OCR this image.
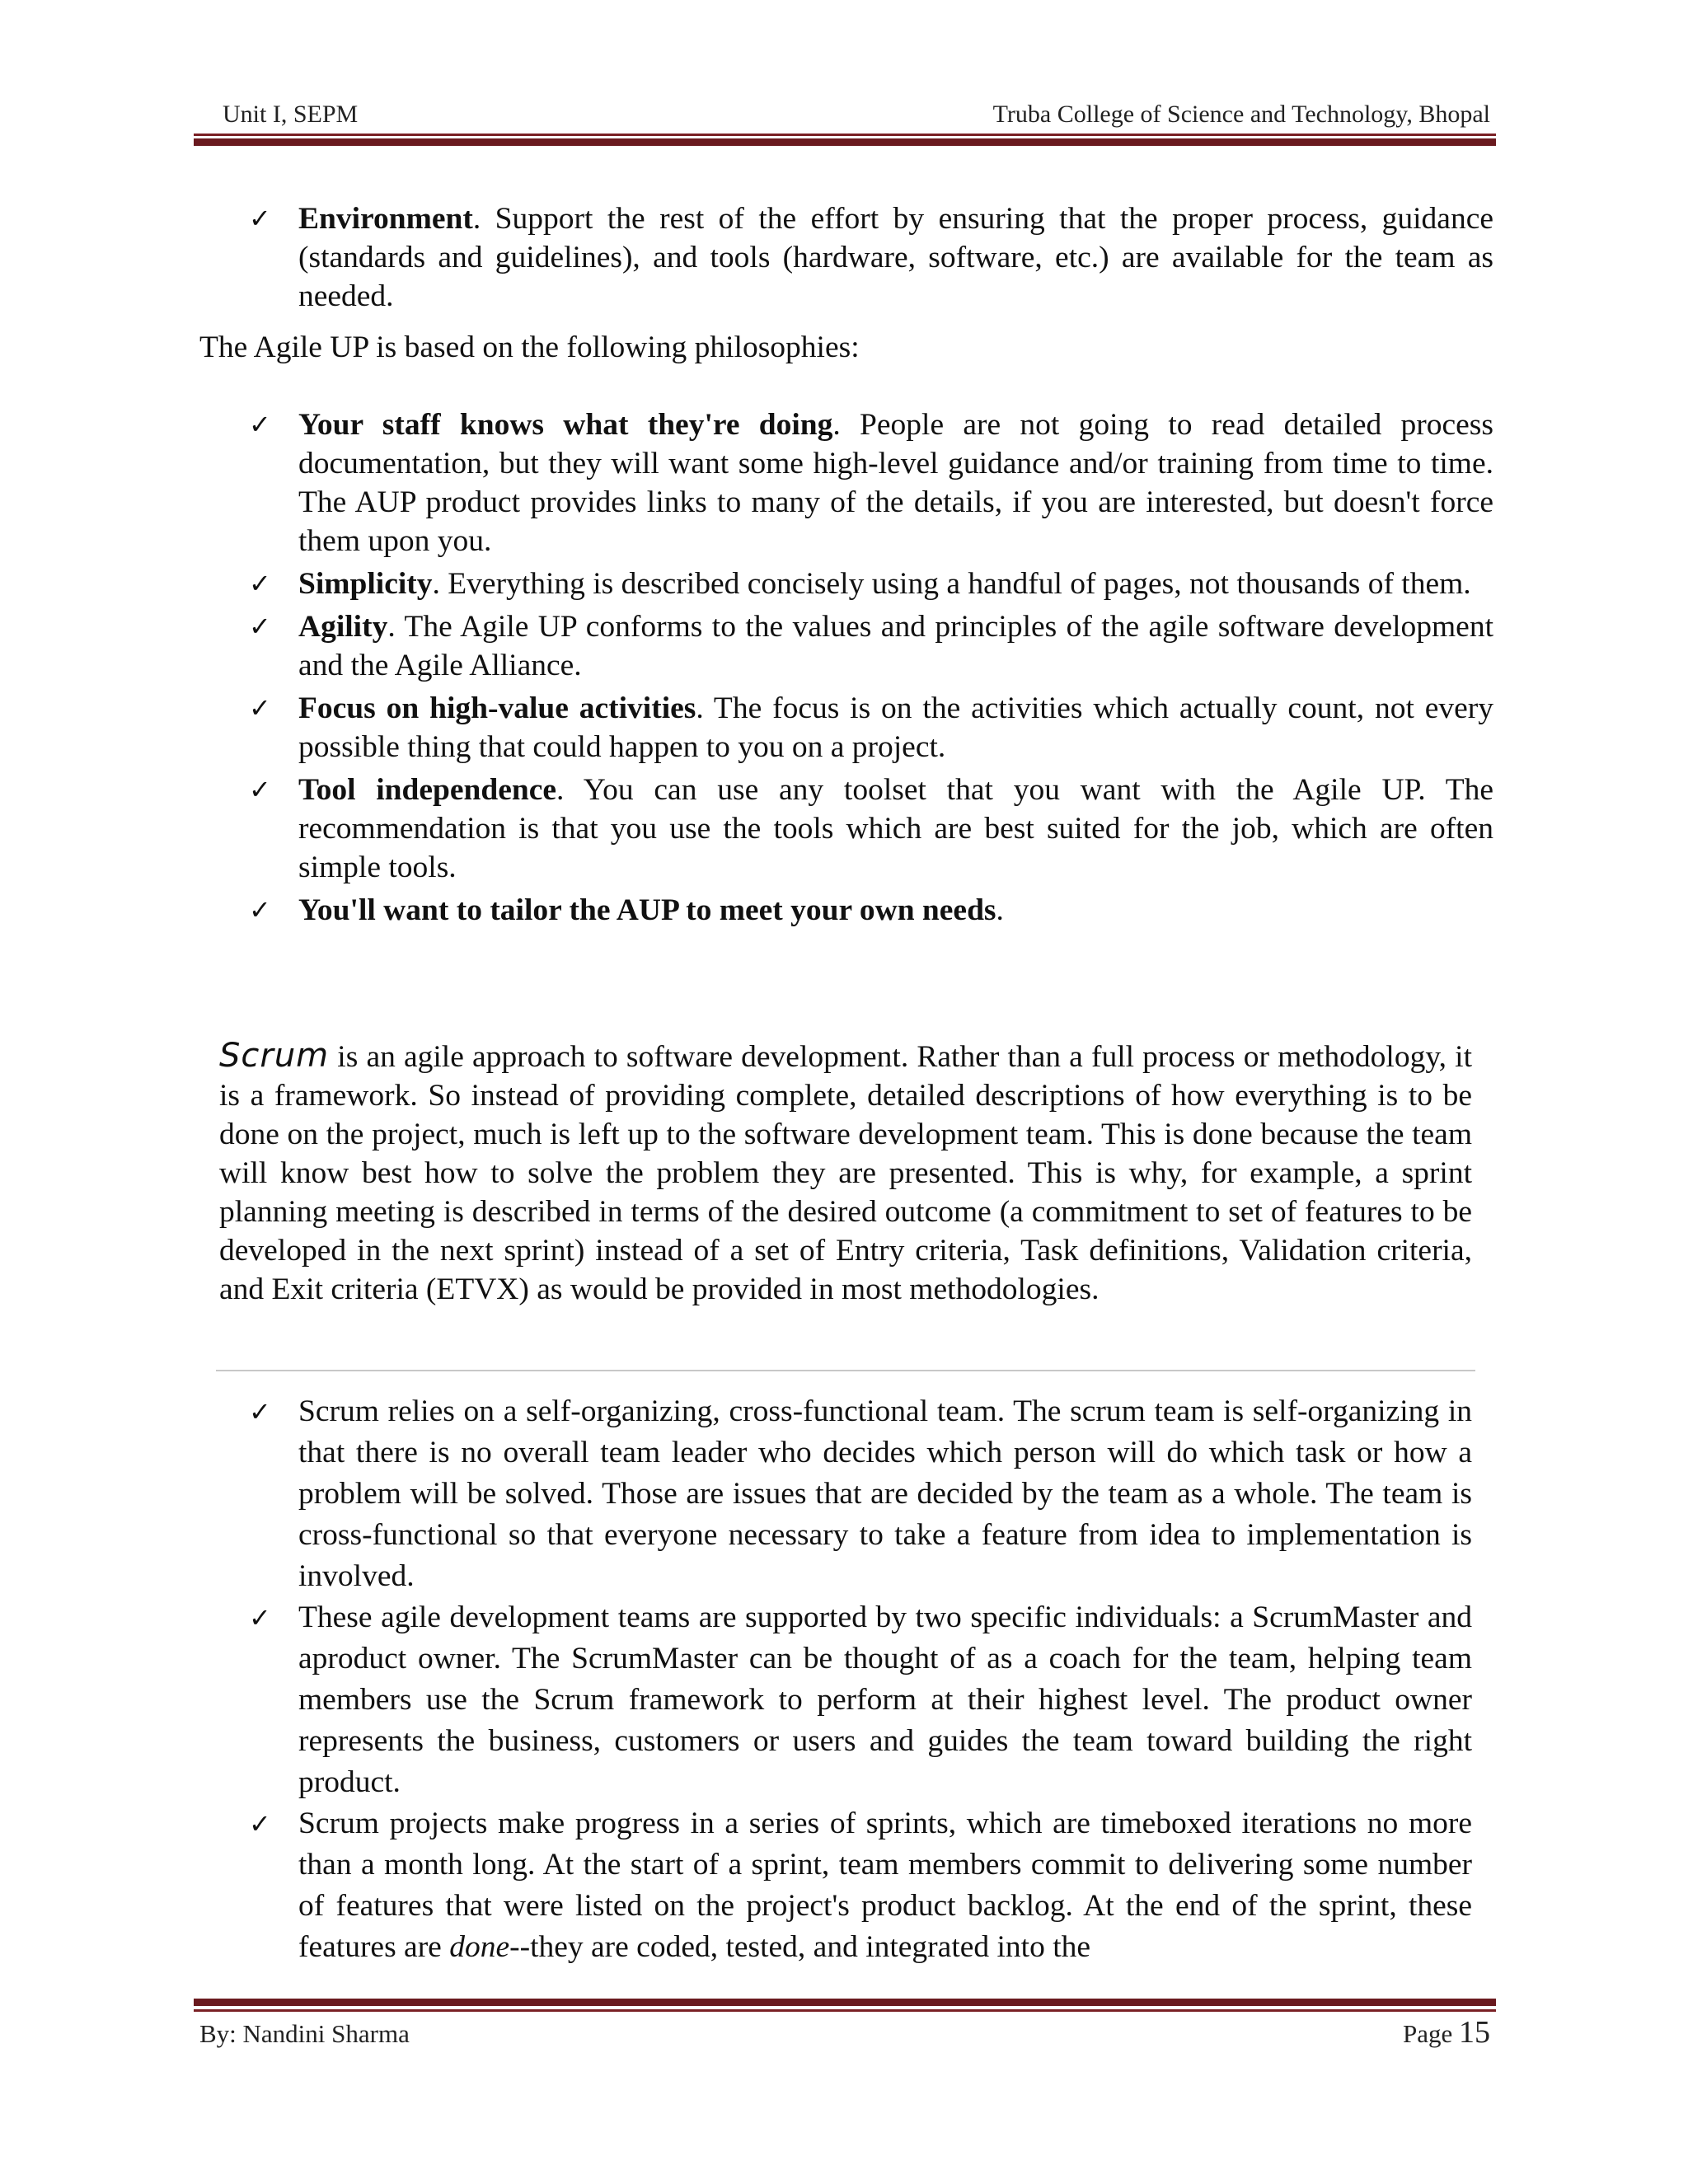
Unit I, SEPM	Truba College of Science and Technology, Bhopal
✓ Environment. Support the rest of the effort by ensuring that the proper process, guidance (standards and guidelines), and tools (hardware, software, etc.) are available for the team as needed.
The Agile UP is based on the following philosophies:
✓ Your staff knows what they're doing. People are not going to read detailed process documentation, but they will want some high-level guidance and/or training from time to time. The AUP product provides links to many of the details, if you are interested, but doesn't force them upon you.
✓ Simplicity. Everything is described concisely using a handful of pages, not thousands of them.
✓ Agility. The Agile UP conforms to the values and principles of the agile software development and the Agile Alliance.
✓ Focus on high-value activities. The focus is on the activities which actually count, not every possible thing that could happen to you on a project.
✓ Tool independence. You can use any toolset that you want with the Agile UP. The recommendation is that you use the tools which are best suited for the job, which are often simple tools.
✓ You'll want to tailor the AUP to meet your own needs.
Scrum is an agile approach to software development. Rather than a full process or methodology, it is a framework. So instead of providing complete, detailed descriptions of how everything is to be done on the project, much is left up to the software development team. This is done because the team will know best how to solve the problem they are presented. This is why, for example, a sprint planning meeting is described in terms of the desired outcome (a commitment to set of features to be developed in the next sprint) instead of a set of Entry criteria, Task definitions, Validation criteria, and Exit criteria (ETVX) as would be provided in most methodologies.
✓ Scrum relies on a self-organizing, cross-functional team. The scrum team is self-organizing in that there is no overall team leader who decides which person will do which task or how a problem will be solved. Those are issues that are decided by the team as a whole. The team is cross-functional so that everyone necessary to take a feature from idea to implementation is involved.
✓ These agile development teams are supported by two specific individuals: a ScrumMaster and aproduct owner. The ScrumMaster can be thought of as a coach for the team, helping team members use the Scrum framework to perform at their highest level. The product owner represents the business, customers or users and guides the team toward building the right product.
✓ Scrum projects make progress in a series of sprints, which are timeboxed iterations no more than a month long. At the start of a sprint, team members commit to delivering some number of features that were listed on the project's product backlog. At the end of the sprint, these features are done--they are coded, tested, and integrated into the
By: Nandini Sharma	Page 15
